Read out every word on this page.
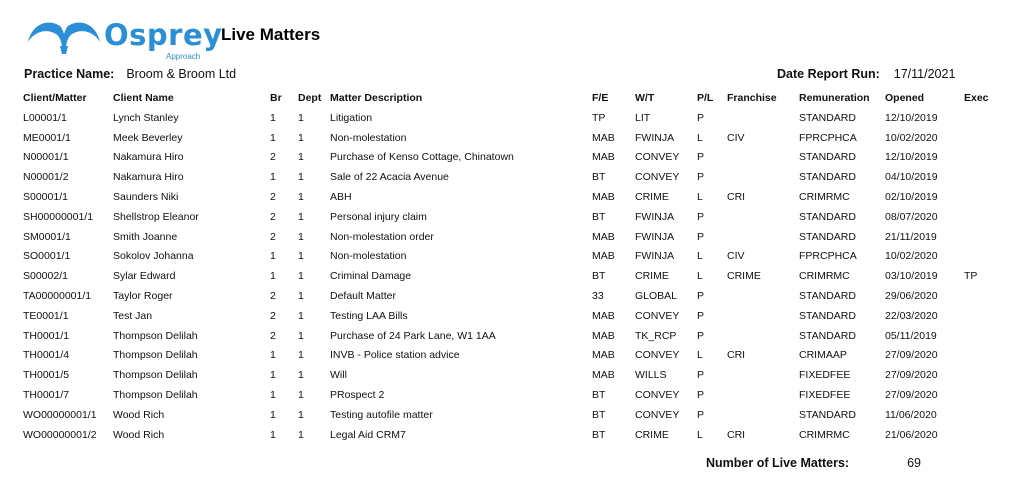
Osprey
Approach
Live Matters
Practice Name: Broom & Broom Ltd	Date Report Run: 17/11/2021
Client/Matter	Client Name	Br	Dept	Matter Description	F/E	W/T	P/L	Franchise	Remuneration	Opened	Exec
L00001/1	Lynch Stanley	1	1	Litigation	TP	LIT	P		STANDARD	12/10/2019	
ME0001/1	Meek Beverley	1	1	Non-molestation	MAB	FWINJA	L	CIV	FPRCPHCA	10/02/2020	
N00001/1	Nakamura Hiro	2	1	Purchase of Kenso Cottage, Chinatown	MAB	CONVEY	P		STANDARD	12/10/2019	
N00001/2	Nakamura Hiro	1	1	Sale of 22 Acacia Avenue	BT	CONVEY	P		STANDARD	04/10/2019	
S00001/1	Saunders Niki	2	1	ABH	MAB	CRIME	L	CRI	CRIMRMC	02/10/2019	
SH00000001/1	Shellstrop Eleanor	2	1	Personal injury claim	BT	FWINJA	P		STANDARD	08/07/2020	
SM0001/1	Smith Joanne	2	1	Non-molestation order	MAB	FWINJA	P		STANDARD	21/11/2019	
SO0001/1	Sokolov Johanna	1	1	Non-molestation	MAB	FWINJA	L	CIV	FPRCPHCA	10/02/2020	
S00002/1	Sylar Edward	1	1	Criminal Damage	BT	CRIME	L	CRIME	CRIMRMC	03/10/2019	TP
TA00000001/1	Taylor Roger	2	1	Default Matter	33	GLOBAL	P		STANDARD	29/06/2020	
TE0001/1	Test Jan	2	1	Testing LAA Bills	MAB	CONVEY	P		STANDARD	22/03/2020	
TH0001/1	Thompson Delilah	2	1	Purchase of 24 Park Lane, W1 1AA	MAB	TK_RCP	P		STANDARD	05/11/2019	
TH0001/4	Thompson Delilah	1	1	INVB - Police station advice	MAB	CONVEY	L	CRI	CRIMAAP	27/09/2020	
TH0001/5	Thompson Delilah	1	1	Will	MAB	WILLS	P		FIXEDFEE	27/09/2020	
TH0001/7	Thompson Delilah	1	1	PRospect 2	BT	CONVEY	P		FIXEDFEE	27/09/2020	
WO00000001/1	Wood Rich	1	1	Testing autofile matter	BT	CONVEY	P		STANDARD	11/06/2020	
WO00000001/2	Wood Rich	1	1	Legal Aid CRM7	BT	CRIME	L	CRI	CRIMRMC	21/06/2020	
Number of Live Matters:	69
